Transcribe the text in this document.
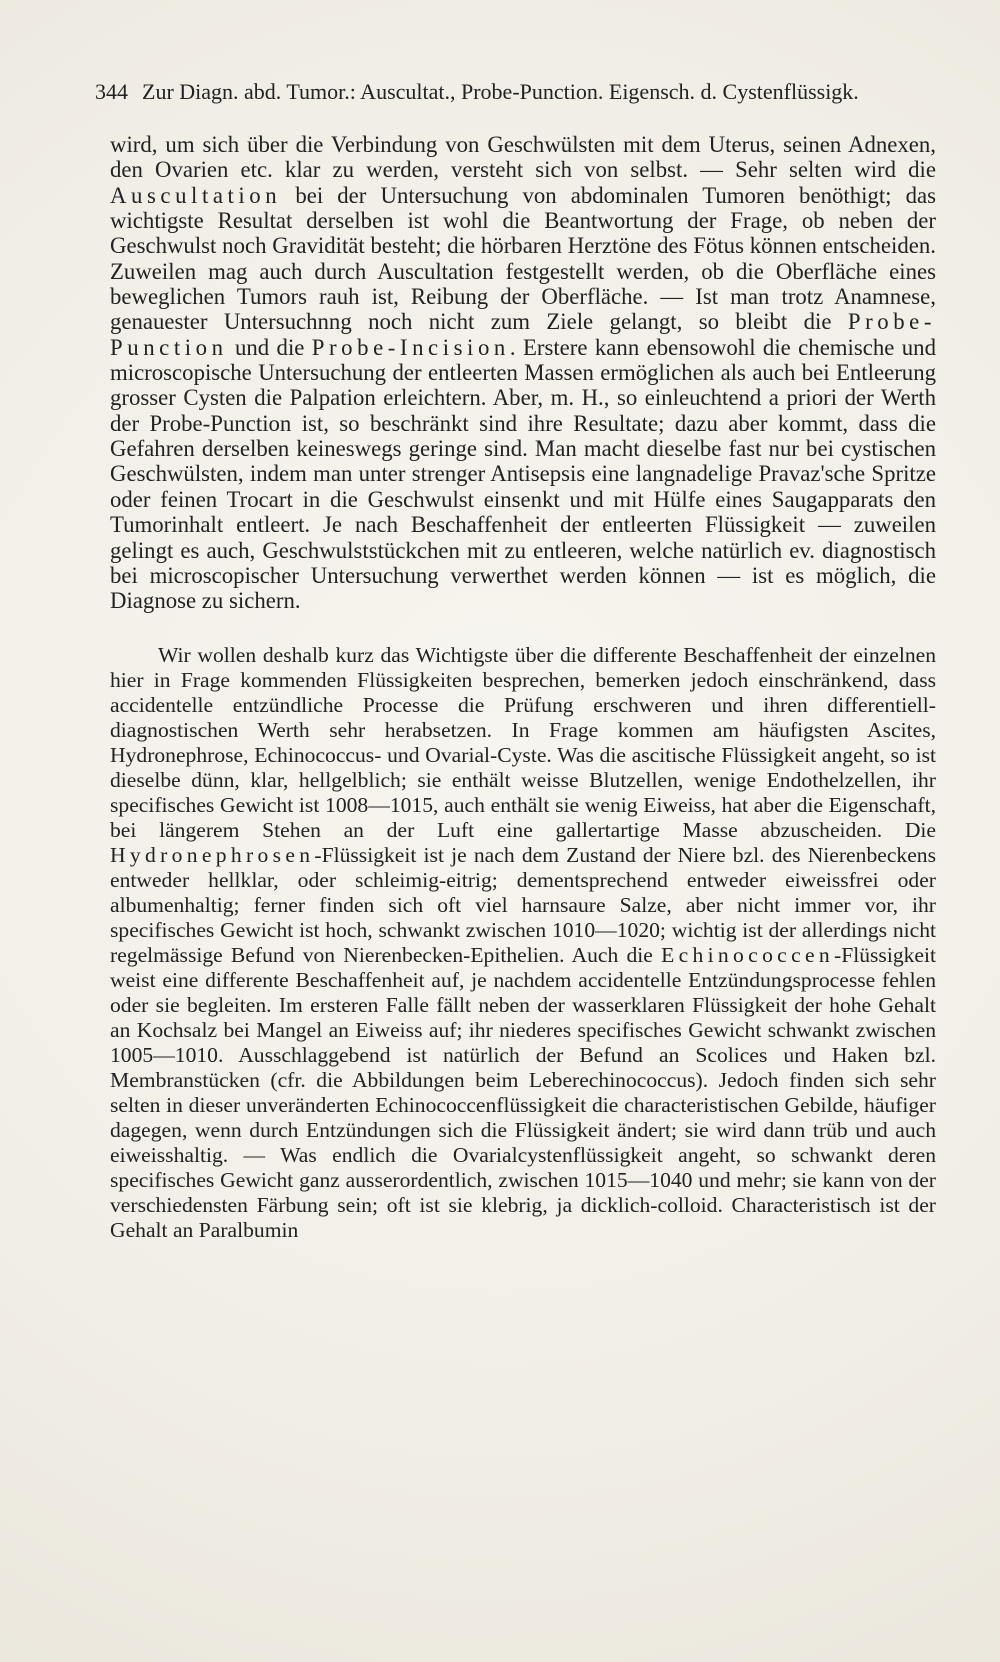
344 Zur Diagn. abd. Tumor.: Auscultat., Probe-Punction. Eigensch. d. Cystenflüssigk.

wird, um sich über die Verbindung von Geschwülsten mit dem Uterus, seinen Adnexen, den Ovarien etc. klar zu werden, versteht sich von selbst. — Sehr selten wird die Auscultation bei der Untersuchung von abdominalen Tumoren benöthigt; das wichtigste Resultat derselben ist wohl die Beantwortung der Frage, ob neben der Geschwulst noch Gravidität besteht; die hörbaren Herztöne des Fötus können entscheiden. Zuweilen mag auch durch Auscultation festgestellt werden, ob die Oberfläche eines beweglichen Tumors rauh ist, Reibung der Oberfläche. — Ist man trotz Anamnese, genauester Untersuchnng noch nicht zum Ziele gelangt, so bleibt die Probe-Punction und die Probe-Incision. Erstere kann ebensowohl die chemische und microscopische Untersuchung der entleerten Massen ermöglichen als auch bei Entleerung grosser Cysten die Palpation erleichtern. Aber, m. H., so einleuchtend a priori der Werth der Probe-Punction ist, so beschränkt sind ihre Resultate; dazu aber kommt, dass die Gefahren derselben keineswegs geringe sind. Man macht dieselbe fast nur bei cystischen Geschwülsten, indem man unter strenger Antisepsis eine langnadelige Pravaz'sche Spritze oder feinen Trocart in die Geschwulst einsenkt und mit Hülfe eines Saugapparats den Tumorinhalt entleert. Je nach Beschaffenheit der entleerten Flüssigkeit — zuweilen gelingt es auch, Geschwulststückchen mit zu entleeren, welche natürlich ev. diagnostisch bei microscopischer Untersuchung verwerthet werden können — ist es möglich, die Diagnose zu sichern.

Wir wollen deshalb kurz das Wichtigste über die differente Beschaffenheit der einzelnen hier in Frage kommenden Flüssigkeiten besprechen, bemerken jedoch einschränkend, dass accidentelle entzündliche Processe die Prüfung erschweren und ihren differentiell-diagnostischen Werth sehr herabsetzen. In Frage kommen am häufigsten Ascites, Hydronephrose, Echinococcus- und Ovarial-Cyste. Was die ascitische Flüssigkeit angeht, so ist dieselbe dünn, klar, hellgelblich; sie enthält weisse Blutzellen, wenige Endothelzellen, ihr specifisches Gewicht ist 1008—1015, auch enthält sie wenig Eiweiss, hat aber die Eigenschaft, bei längerem Stehen an der Luft eine gallertartige Masse abzuscheiden. Die Hydronephrosen-Flüssigkeit ist je nach dem Zustand der Niere bzl. des Nierenbeckens entweder hellklar, oder schleimig-eitrig; dementsprechend entweder eiweissfrei oder albumenhaltig; ferner finden sich oft viel harnsaure Salze, aber nicht immer vor, ihr specifisches Gewicht ist hoch, schwankt zwischen 1010—1020; wichtig ist der allerdings nicht regelmässige Befund von Nierenbecken-Epithelien. Auch die Echinococcen-Flüssigkeit weist eine differente Beschaffenheit auf, je nachdem accidentelle Entzündungsprocesse fehlen oder sie begleiten. Im ersteren Falle fällt neben der wasserklaren Flüssigkeit der hohe Gehalt an Kochsalz bei Mangel an Eiweiss auf; ihr niederes specifisches Gewicht schwankt zwischen 1005—1010. Ausschlaggebend ist natürlich der Befund an Scolices und Haken bzl. Membranstücken (cfr. die Abbildungen beim Leberechinococcus). Jedoch finden sich sehr selten in dieser unveränderten Echinococcenflüssigkeit die characteristischen Gebilde, häufiger dagegen, wenn durch Entzündungen sich die Flüssigkeit ändert; sie wird dann trüb und auch eiweisshaltig. — Was endlich die Ovarialcystenflüssigkeit angeht, so schwankt deren specifisches Gewicht ganz ausserordentlich, zwischen 1015—1040 und mehr; sie kann von der verschiedensten Färbung sein; oft ist sie klebrig, ja dicklich-colloid. Characteristisch ist der Gehalt an Paralbumin
